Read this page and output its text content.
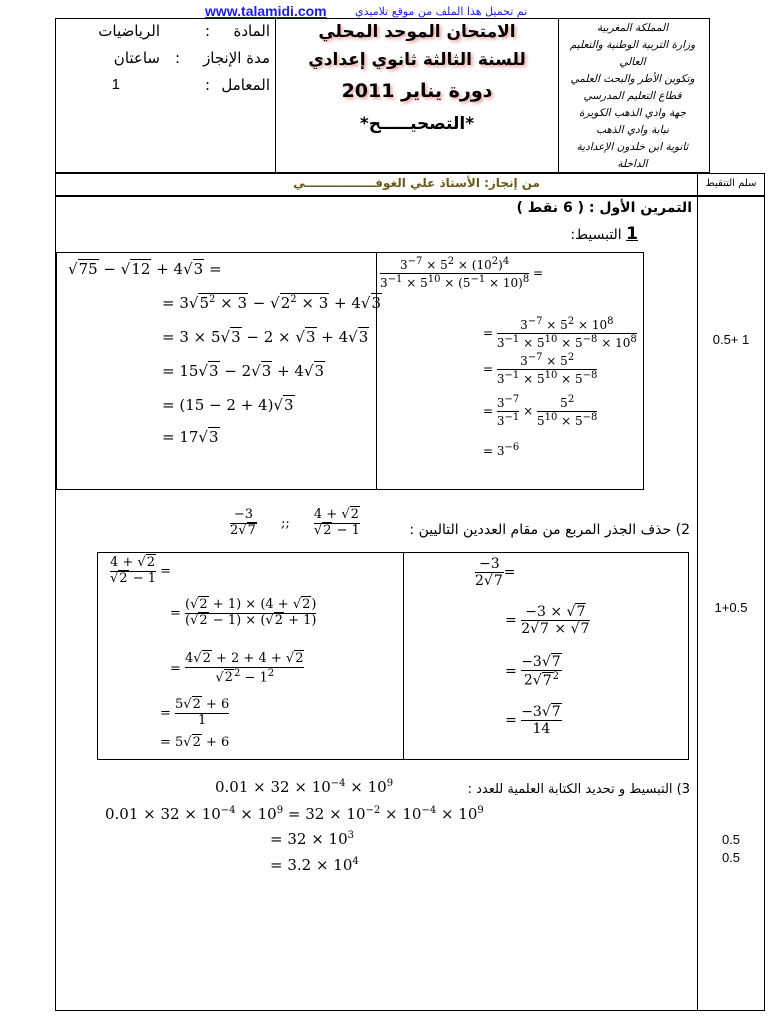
www.talamidi.com	تم تحميل هذا الملف من موقع تلاميذي
المادة
:
الرياضيات
مدة الإنجاز
:
ساعتان
المعامل
:
1
الامتحان الموحد المحلي
للسنة الثالثة ثانوي إعدادي
دورة يناير 2011
*التصحيـــــح*
المملكة المغربية
وزارة التربية الوطنية والتعليم العالي
وتكوين الأطر والبحث العلمي
قطاع التعليم المدرسي
جهة وادي الذهب الكويرة
نيابة وادي الذهب
ثانوية ابن خلدون الإعدادية
الداخلة
من إنجاز: الأستاذ علي الغوفـــــــــــــــــي	سلم التنقيط
التمرين الأول : ( 6 نقط )
1 التبسيط:
√75 − √12 + 4√3 =
= $3√5^2 \times 3 - √2^2 \times 3 + 4√3$
= 3 × 5√3 − 2 × √3 + 4√3
= 15√3 − 2√3 + 4√3
= (15 − 2 + 4)√3
= 17√3
$\frac{3^{-7} \times 5^2 \times (10^2)^4}{3^{-1} \times 5^{10} \times (5^{-1} \times 10)^8}$ =
= $\frac{3^{-7} \times 5^2 \times 10^8}{3^{-1} \times 5^{10} \times 5^{-8} \times 10^8}$
= $\frac{3^{-7} \times 5^2}{3^{-1} \times 5^{10} \times 5^{-8}}$
= $\frac{3^{-7}}{3^{-1}} \times \frac{5^2}{5^{10} \times 5^{-8}}$
= $3^{-6}$
2) حذف الجذر المربع من مقام العددين التاليين :
$\frac{-3}{2√7}$ ;; $\frac{4 + √2}{√2 - 1}$
$\frac{4 + √2}{√2 - 1}$ =
= $\frac{(√2 + 1) \times (4 + √2)}{(√2 - 1) \times (√2 + 1)}$
= $\frac{4√2 + 2 + 4 + √2}{√2^2 - 1^2}$
= $\frac{5√2 + 6}{1}$
= 5√2 + 6
$\frac{-3}{2√7}$ =
= $\frac{-3 \times √7}{2√7 \times √7}$
= $\frac{-3√7}{2√7^2}$
= $\frac{-3√7}{14}$
3) التبسيط و تحديد الكتابة العلمية للعدد :
$0.01 \times 32 \times 10^{-4} \times 10^9$
$0.01 \times 32 \times 10^{-4} \times 10^9 = 32 \times 10^{-2} \times 10^{-4} \times 10^9$
= $32 \times 10^3$
= $3.2 \times 10^4$
0.5+ 1
1+0.5
0.5
0.5
